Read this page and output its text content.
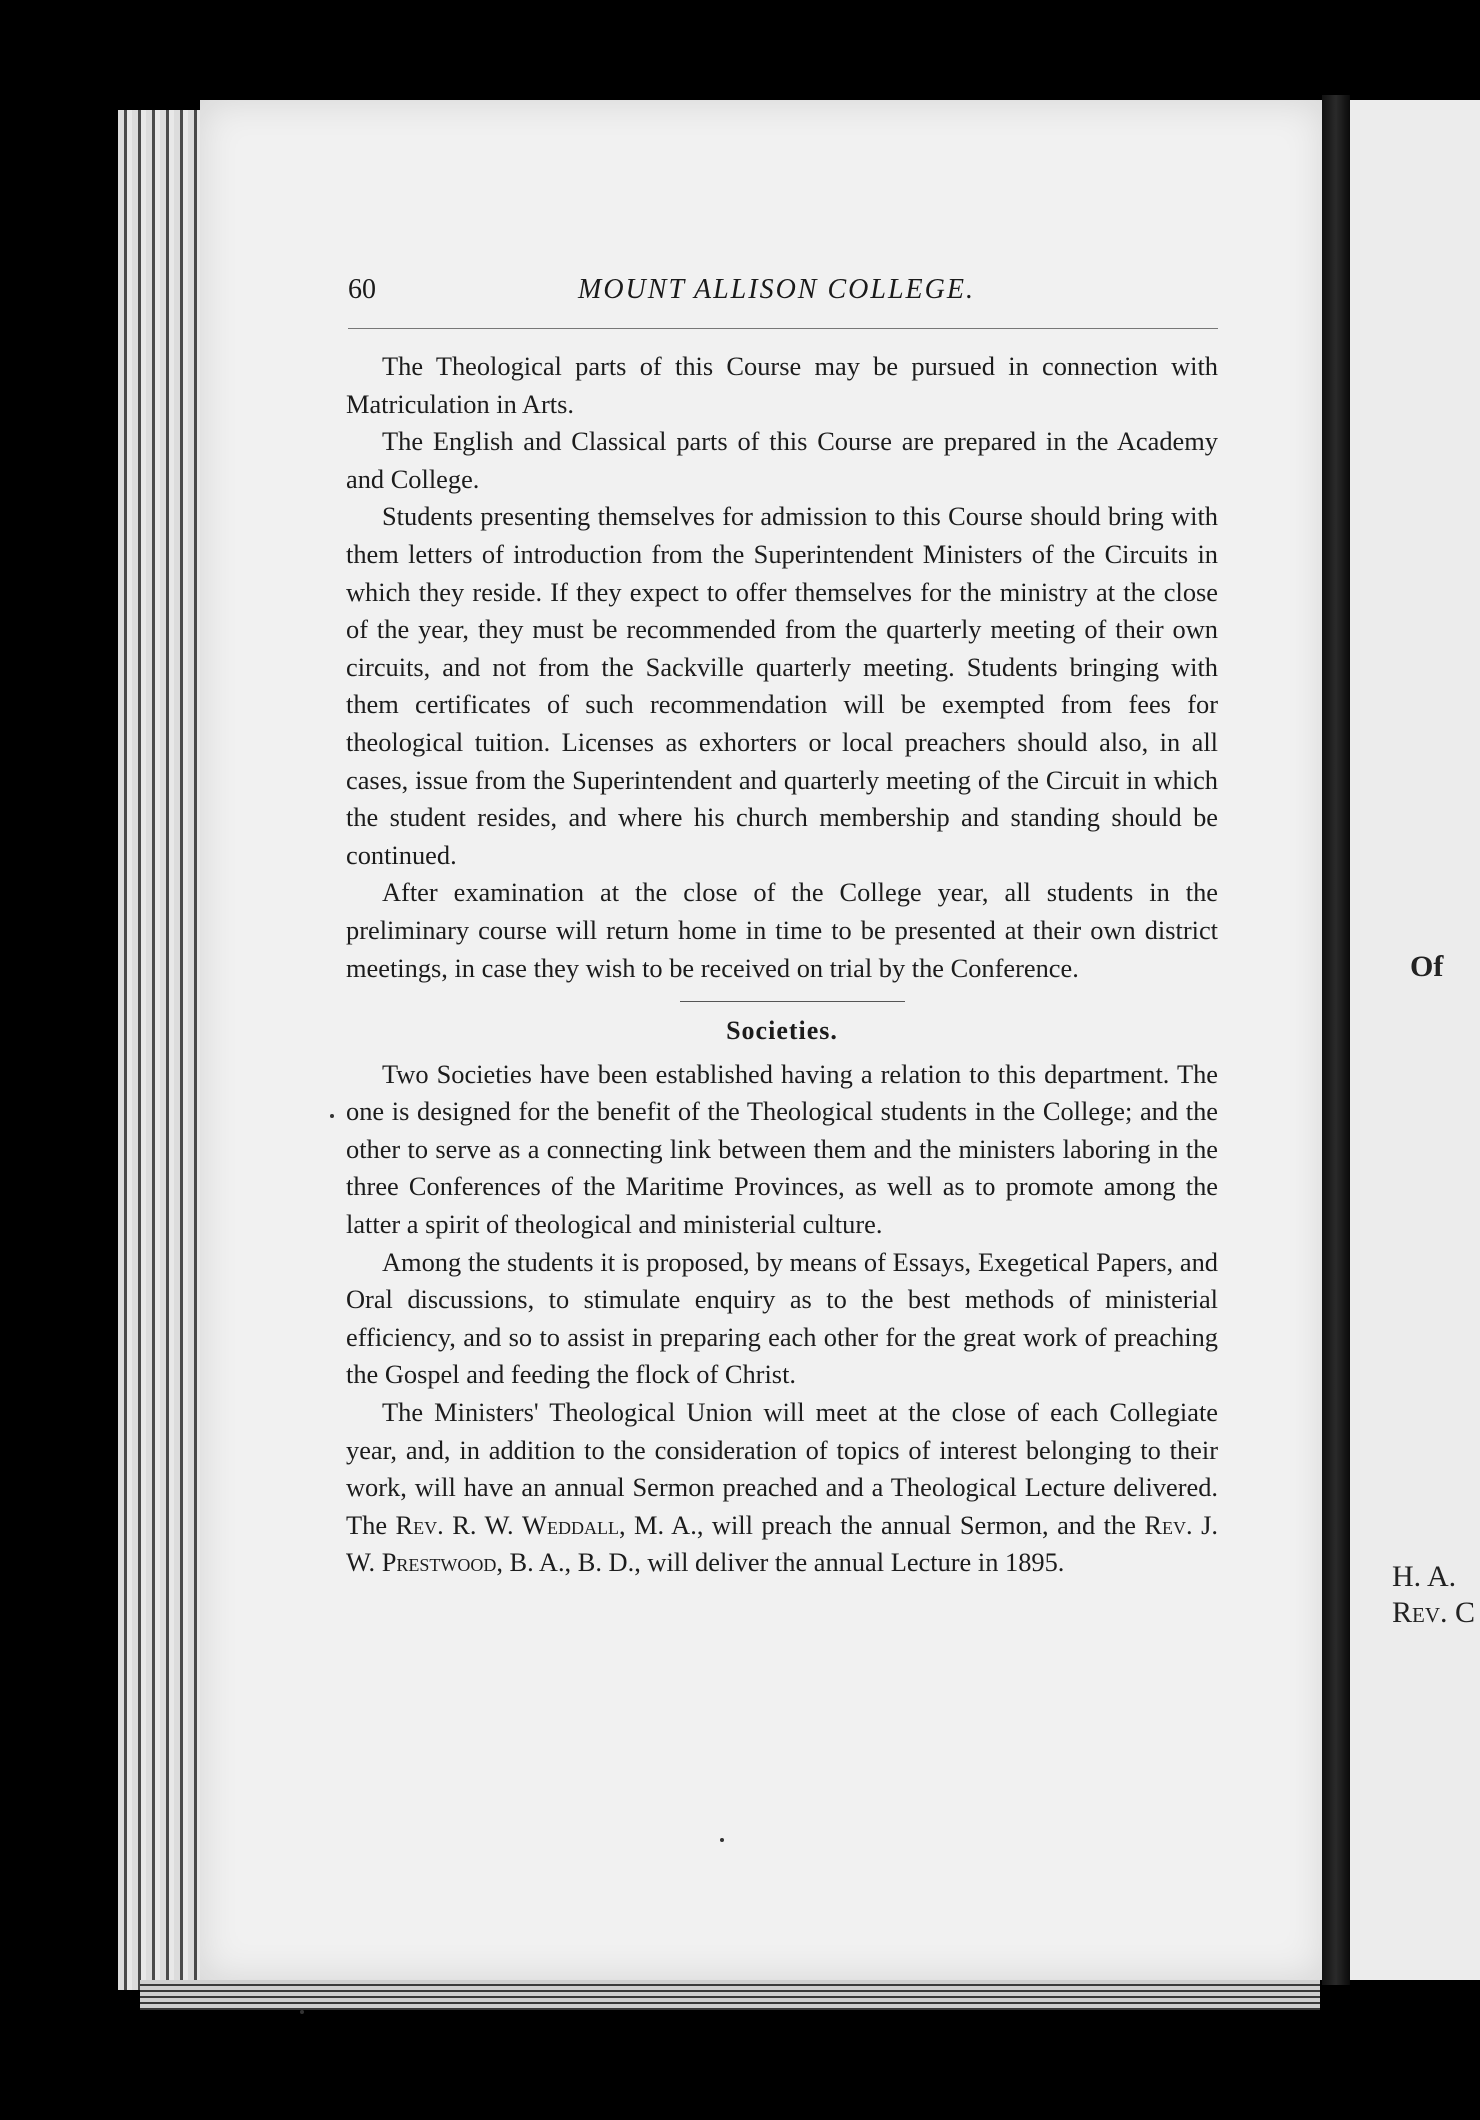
Of
H. A.
Rev. C
60	MOUNT ALLISON COLLEGE.

The Theological parts of this Course may be pursued in connection with Matriculation in Arts.

The English and Classical parts of this Course are prepared in the Academy and College.

Students presenting themselves for admission to this Course should bring with them letters of introduction from the Superintendent Ministers of the Circuits in which they reside. If they expect to offer themselves for the ministry at the close of the year, they must be recommended from the quarterly meeting of their own circuits, and not from the Sackville quarterly meeting. Students bringing with them certificates of such recommendation will be exempted from fees for theological tuition. Licenses as exhorters or local preachers should also, in all cases, issue from the Superintendent and quarterly meeting of the Circuit in which the student resides, and where his church membership and standing should be continued.

After examination at the close of the College year, all students in the preliminary course will return home in time to be presented at their own district meetings, in case they wish to be received on trial by the Conference.

Societies.

Two Societies have been established having a relation to this department. The one is designed for the benefit of the Theological students in the College; and the other to serve as a connecting link between them and the ministers laboring in the three Conferences of the Maritime Provinces, as well as to promote among the latter a spirit of theological and ministerial culture.

Among the students it is proposed, by means of Essays, Exegetical Papers, and Oral discussions, to stimulate enquiry as to the best methods of ministerial efficiency, and so to assist in preparing each other for the great work of preaching the Gospel and feeding the flock of Christ.

The Ministers' Theological Union will meet at the close of each Collegiate year, and, in addition to the consideration of topics of interest belonging to their work, will have an annual Sermon preached and a Theological Lecture delivered. The Rev. R. W. Weddall, M. A., will preach the annual Sermon, and the Rev. J. W. Prestwood, B. A., B. D., will deliver the annual Lecture in 1895.
